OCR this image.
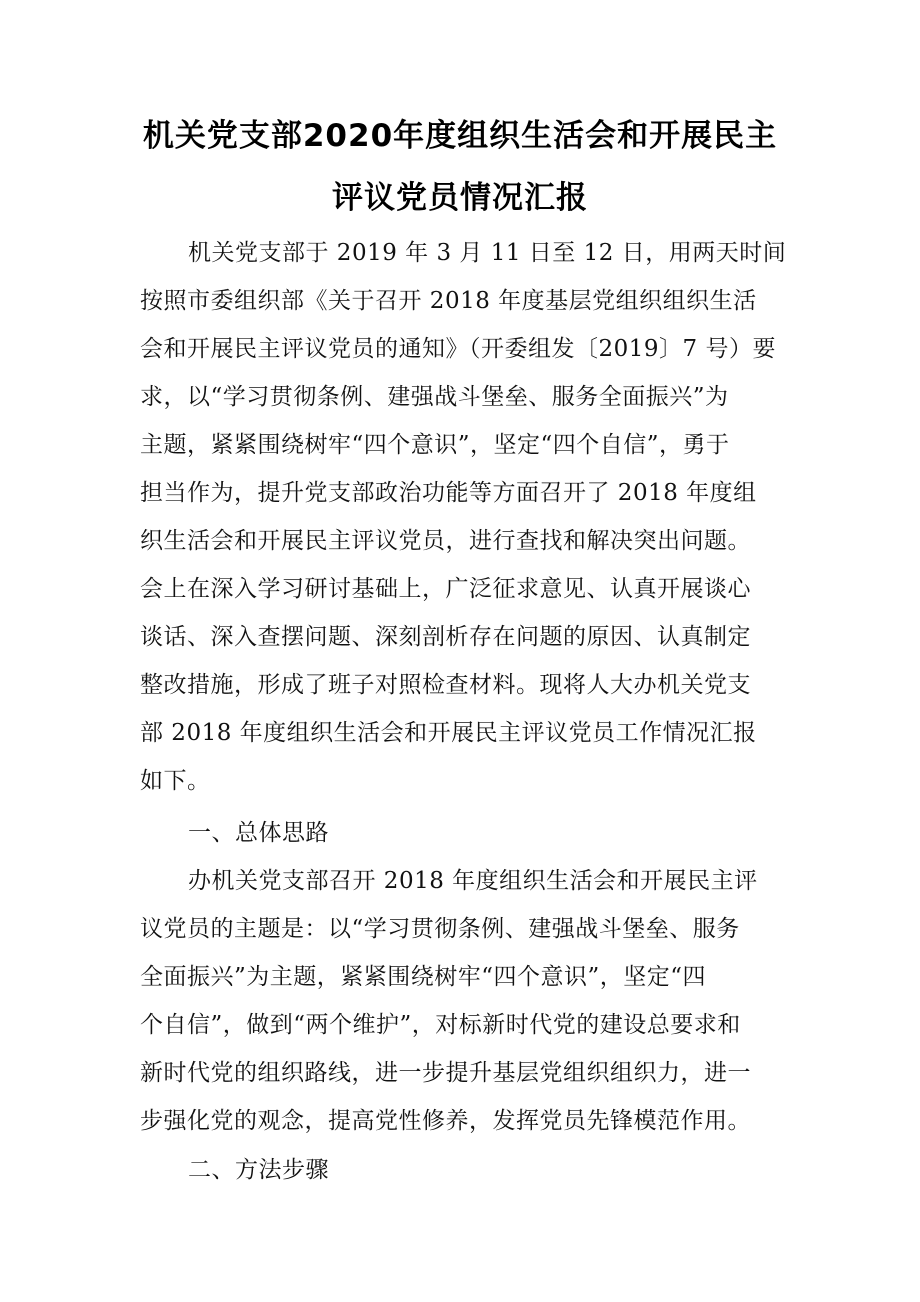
机关党支部2020年度组织生活会和开展民主
评议党员情况汇报
机关党支部于 2019 年 3 月 11 日至 12 日，用两天时间
按照市委组织部《关于召开 2018 年度基层党组织组织生活
会和开展民主评议党员的通知》（开委组发〔2019〕7 号）要
求，以“学习贯彻条例、建强战斗堡垒、服务全面振兴”为
主题，紧紧围绕树牢“四个意识”，坚定“四个自信”，勇于
担当作为，提升党支部政治功能等方面召开了 2018 年度组
织生活会和开展民主评议党员，进行查找和解决突出问题。
会上在深入学习研讨基础上，广泛征求意见、认真开展谈心
谈话、深入查摆问题、深刻剖析存在问题的原因、认真制定
整改措施，形成了班子对照检查材料。现将人大办机关党支
部 2018 年度组织生活会和开展民主评议党员工作情况汇报
如下。
一、总体思路
办机关党支部召开 2018 年度组织生活会和开展民主评
议党员的主题是：以“学习贯彻条例、建强战斗堡垒、服务
全面振兴”为主题，紧紧围绕树牢“四个意识”，坚定“四
个自信”，做到“两个维护”，对标新时代党的建设总要求和
新时代党的组织路线，进一步提升基层党组织组织力，进一
步强化党的观念，提高党性修养，发挥党员先锋模范作用。
二、方法步骤
